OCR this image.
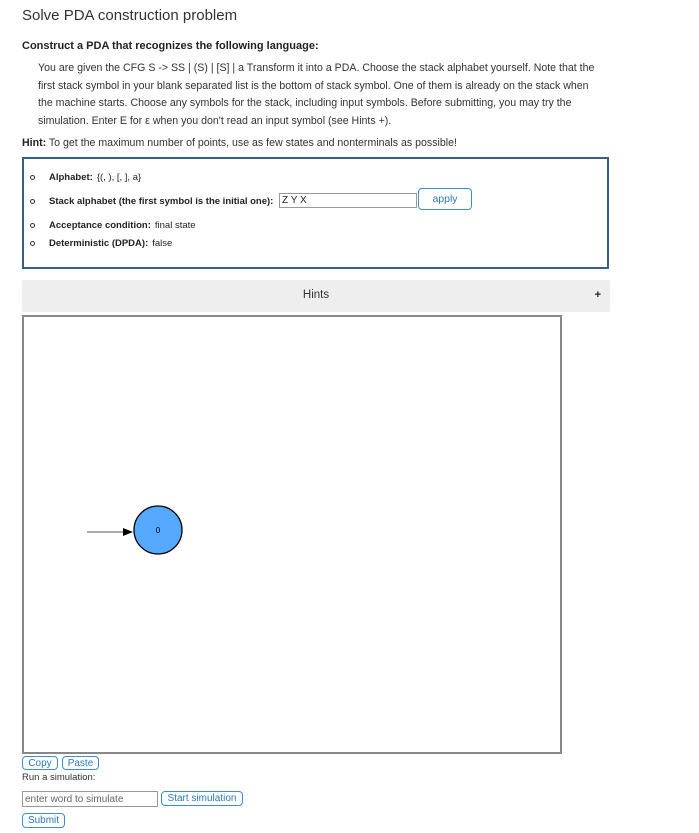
Solve PDA construction problem
Construct a PDA that recognizes the following language:
You are given the CFG S -> SS | (S) | [S] | a Transform it into a PDA. Choose the stack alphabet yourself. Note that the first stack symbol in your blank separated list is the bottom of stack symbol. One of them is already on the stack when the machine starts. Choose any symbols for the stack, including input symbols. Before submitting, you may try the simulation. Enter E for ε when you don't read an input symbol (see Hints +).
Hint: To get the maximum number of points, use as few states and nonterminals as possible!
Alphabet: {(, ), [, ], a}
Stack alphabet (the first symbol is the initial one):
Z Y X	apply
Acceptance condition: final state
Deterministic (DPDA): false
Hints	+
0
Copy	Paste
Run a simulation:
enter word to simulate
Start simulation
Submit
